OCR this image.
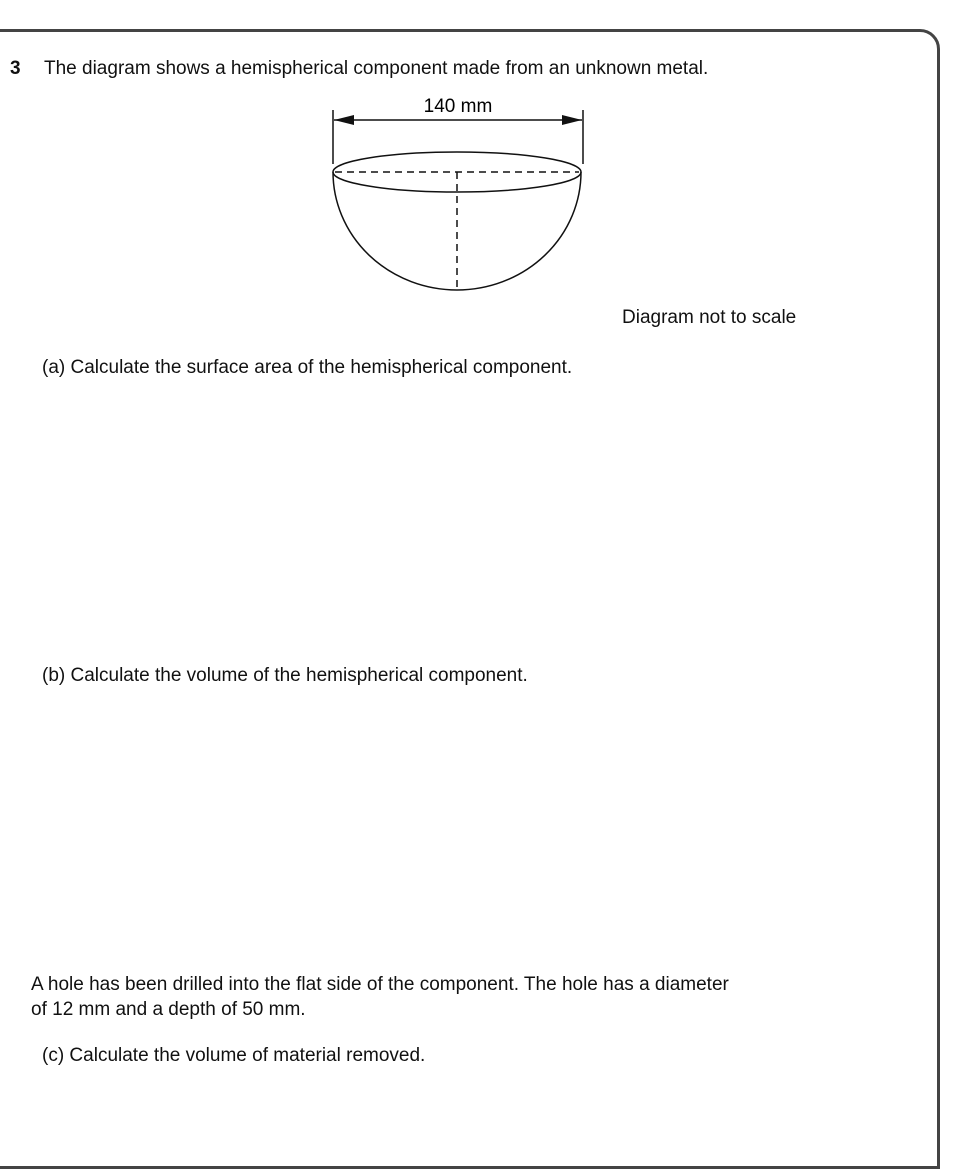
3 The diagram shows a hemispherical component made from an unknown metal.
140 mm
Diagram not to scale
(a) Calculate the surface area of the hemispherical component.
(b) Calculate the volume of the hemispherical component.
A hole has been drilled into the flat side of the component. The hole has a diameter
of 12 mm and a depth of 50 mm.
(c) Calculate the volume of material removed.
